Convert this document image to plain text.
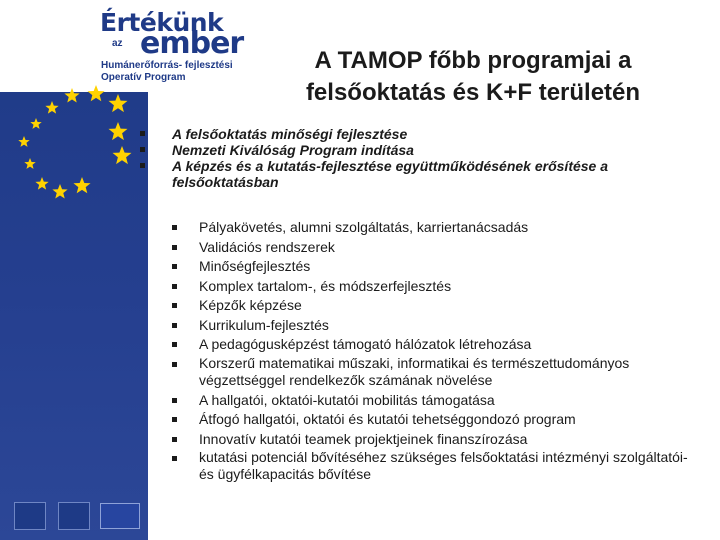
Értékünk
az ember
Humánerőforrás- fejlesztési
Operatív Program
A TAMOP főbb programjai a
felsőoktatás és K+F területén
A felsőoktatás minőségi fejlesztése
Nemzeti Kiválóság Program indítása
A képzés és a kutatás-fejlesztése együttműködésének erősítése a felsőoktatásban
Pályakövetés, alumni szolgáltatás, karriertanácsadás
Validációs rendszerek
Minőségfejlesztés
Komplex tartalom-, és módszerfejlesztés
Képzők képzése
Kurrikulum-fejlesztés
A pedagógusképzést támogató hálózatok létrehozása
Korszerű matematikai műszaki, informatikai és természettudományos végzettséggel rendelkezők számának növelése
A hallgatói, oktatói-kutatói mobilitás támogatása
Átfogó hallgatói, oktatói és kutatói tehetséggondozó program
Innovatív kutatói teamek projektjeinek finanszírozása
kutatási potenciál bővítéséhez szükséges felsőoktatási intézményi szolgáltatói- és ügyfélkapacitás bővítése
